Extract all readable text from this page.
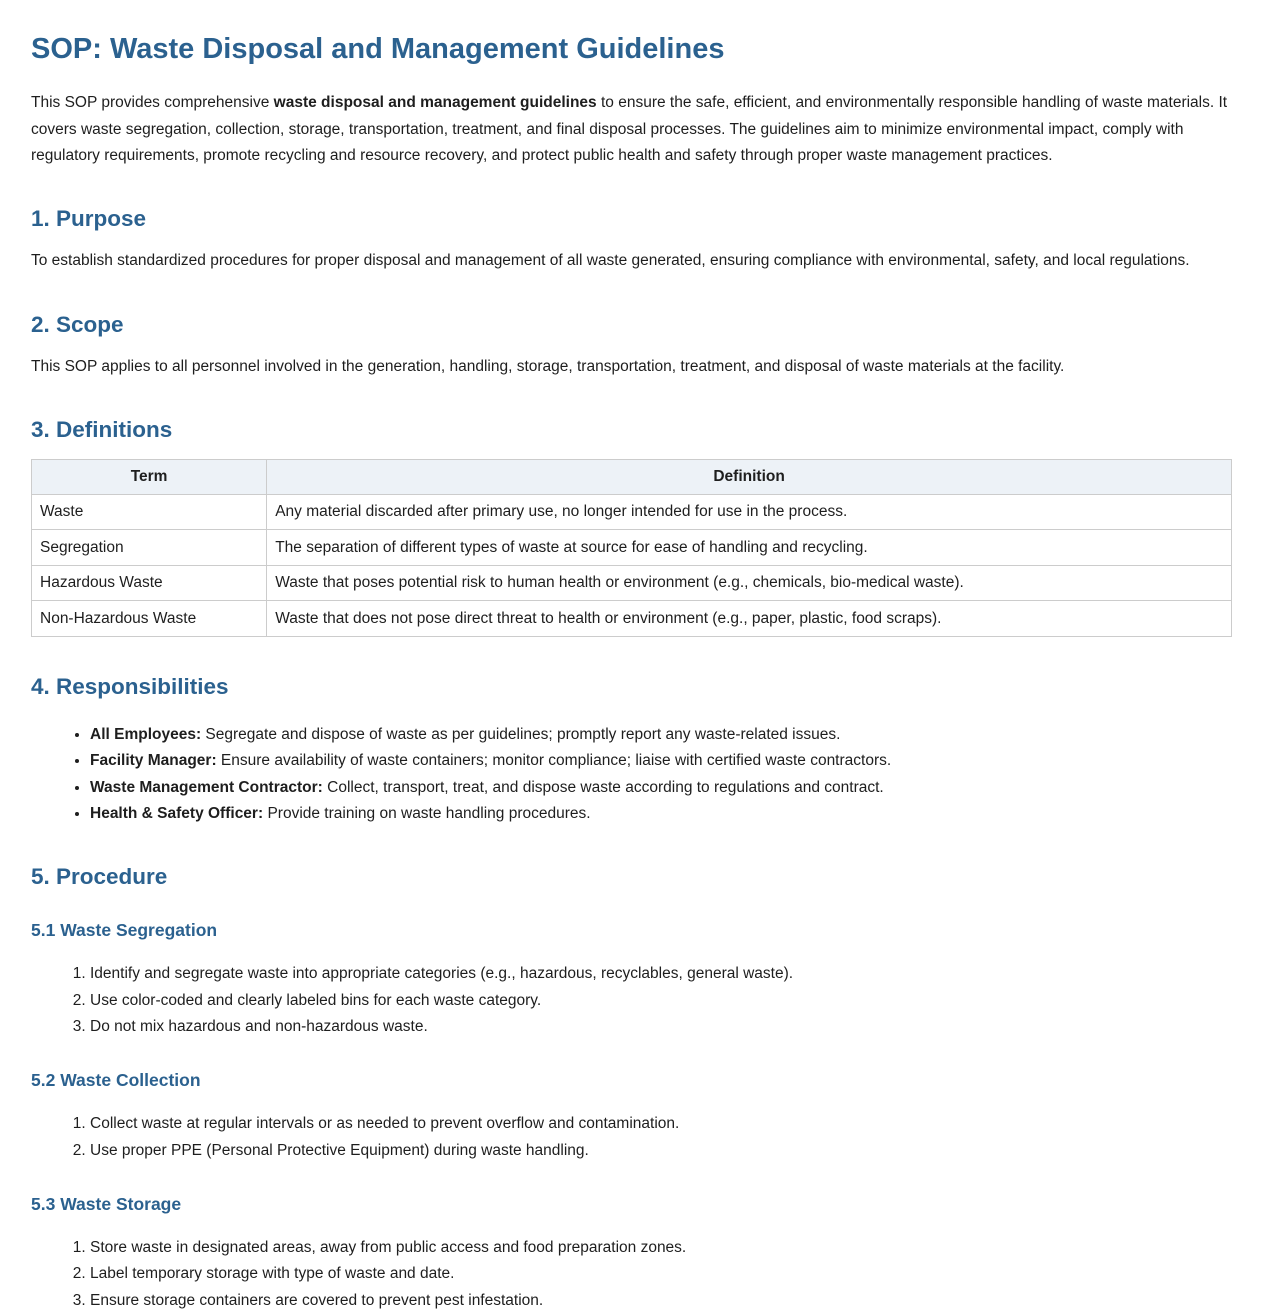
SOP: Waste Disposal and Management Guidelines

This SOP provides comprehensive waste disposal and management guidelines to ensure the safe, efficient, and environmentally responsible handling of waste materials. It covers waste segregation, collection, storage, transportation, treatment, and final disposal processes. The guidelines aim to minimize environmental impact, comply with regulatory requirements, promote recycling and resource recovery, and protect public health and safety through proper waste management practices.

1. Purpose

To establish standardized procedures for proper disposal and management of all waste generated, ensuring compliance with environmental, safety, and local regulations.

2. Scope

This SOP applies to all personnel involved in the generation, handling, storage, transportation, treatment, and disposal of waste materials at the facility.

3. Definitions
Term	Definition
Waste	Any material discarded after primary use, no longer intended for use in the process.
Segregation	The separation of different types of waste at source for ease of handling and recycling.
Hazardous Waste	Waste that poses potential risk to human health or environment (e.g., chemicals, bio-medical waste).
Non-Hazardous Waste	Waste that does not pose direct threat to health or environment (e.g., paper, plastic, food scraps).
4. Responsibilities
• All Employees: Segregate and dispose of waste as per guidelines; promptly report any waste-related issues.
• Facility Manager: Ensure availability of waste containers; monitor compliance; liaise with certified waste contractors.
• Waste Management Contractor: Collect, transport, treat, and dispose waste according to regulations and contract.
• Health & Safety Officer: Provide training on waste handling procedures.
5. Procedure
5.1 Waste Segregation
1. Identify and segregate waste into appropriate categories (e.g., hazardous, recyclables, general waste).
2. Use color-coded and clearly labeled bins for each waste category.
3. Do not mix hazardous and non-hazardous waste.
5.2 Waste Collection
1. Collect waste at regular intervals or as needed to prevent overflow and contamination.
2. Use proper PPE (Personal Protective Equipment) during waste handling.
5.3 Waste Storage
1. Store waste in designated areas, away from public access and food preparation zones.
2. Label temporary storage with type of waste and date.
3. Ensure storage containers are covered to prevent pest infestation.
